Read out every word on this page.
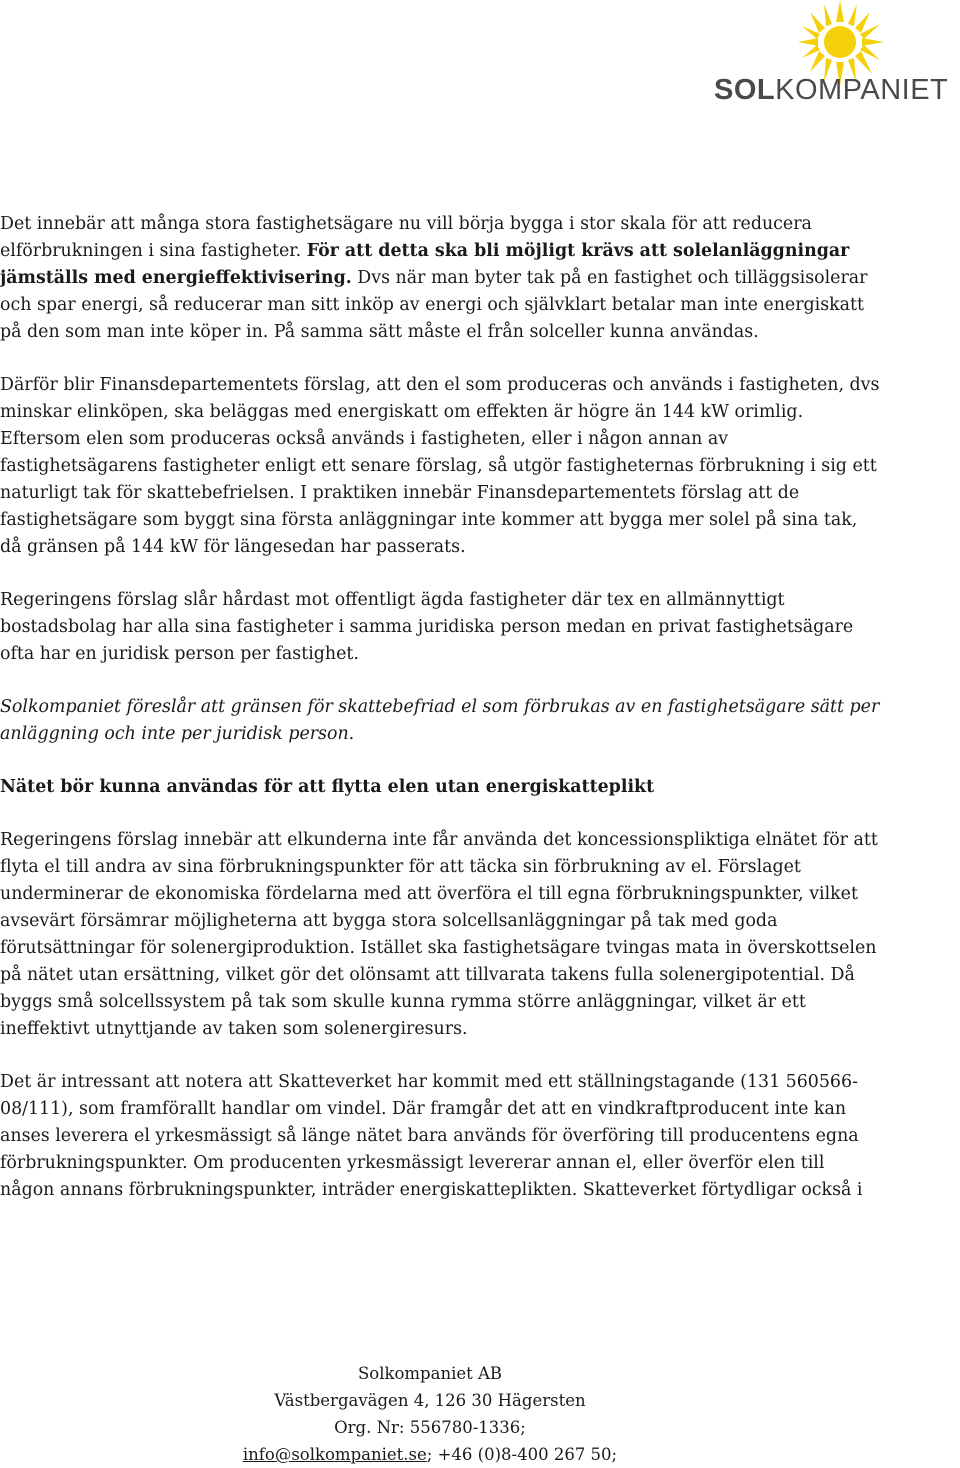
SOLKOMPANIET

Det innebär att många stora fastighetsägare nu vill börja bygga i stor skala för att reducera elförbrukningen i sina fastigheter. För att detta ska bli möjligt krävs att solelanläggningar jämställs med energieffektivisering. Dvs när man byter tak på en fastighet och tilläggsisolerar och spar energi, så reducerar man sitt inköp av energi och självklart betalar man inte energiskatt på den som man inte köper in. På samma sätt måste el från solceller kunna användas.

Därför blir Finansdepartementets förslag, att den el som produceras och används i fastigheten, dvs minskar elinköpen, ska beläggas med energiskatt om effekten är högre än 144 kW orimlig. Eftersom elen som produceras också används i fastigheten, eller i någon annan av fastighetsägarens fastigheter enligt ett senare förslag, så utgör fastigheternas förbrukning i sig ett naturligt tak för skattebefrielsen. I praktiken innebär Finansdepartementets förslag att de fastighetsägare som byggt sina första anläggningar inte kommer att bygga mer solel på sina tak, då gränsen på 144 kW för längesedan har passerats.

Regeringens förslag slår hårdast mot offentligt ägda fastigheter där tex en allmännyttigt bostadsbolag har alla sina fastigheter i samma juridiska person medan en privat fastighetsägare ofta har en juridisk person per fastighet.

Solkompaniet föreslår att gränsen för skattebefriad el som förbrukas av en fastighetsägare sätt per anläggning och inte per juridisk person.

Nätet bör kunna användas för att flytta elen utan energiskatteplikt

Regeringens förslag innebär att elkunderna inte får använda det koncessionspliktiga elnätet för att flyta el till andra av sina förbrukningspunkter för att täcka sin förbrukning av el. Förslaget underminerar de ekonomiska fördelarna med att överföra el till egna förbrukningspunkter, vilket avsevärt försämrar möjligheterna att bygga stora solcellsanläggningar på tak med goda förutsättningar för solenergiproduktion. Istället ska fastighetsägare tvingas mata in överskottselen på nätet utan ersättning, vilket gör det olönsamt att tillvarata takens fulla solenergipotential. Då byggs små solcellssystem på tak som skulle kunna rymma större anläggningar, vilket är ett ineffektivt utnyttjande av taken som solenergiresurs.

Det är intressant att notera att Skatteverket har kommit med ett ställningstagande (131 560566-08/111), som framförallt handlar om vindel. Där framgår det att en vindkraftproducent inte kan anses leverera el yrkesmässigt så länge nätet bara används för överföring till producentens egna förbrukningspunkter. Om producenten yrkesmässigt levererar annan el, eller överför elen till någon annans förbrukningspunkter, inträder energiskatteplikten. Skatteverket förtydligar också i

Solkompaniet AB
Västbergavägen 4, 126 30 Hägersten
Org. Nr: 556780-1336;
info@solkompaniet.se; +46 (0)8-400 267 50;
